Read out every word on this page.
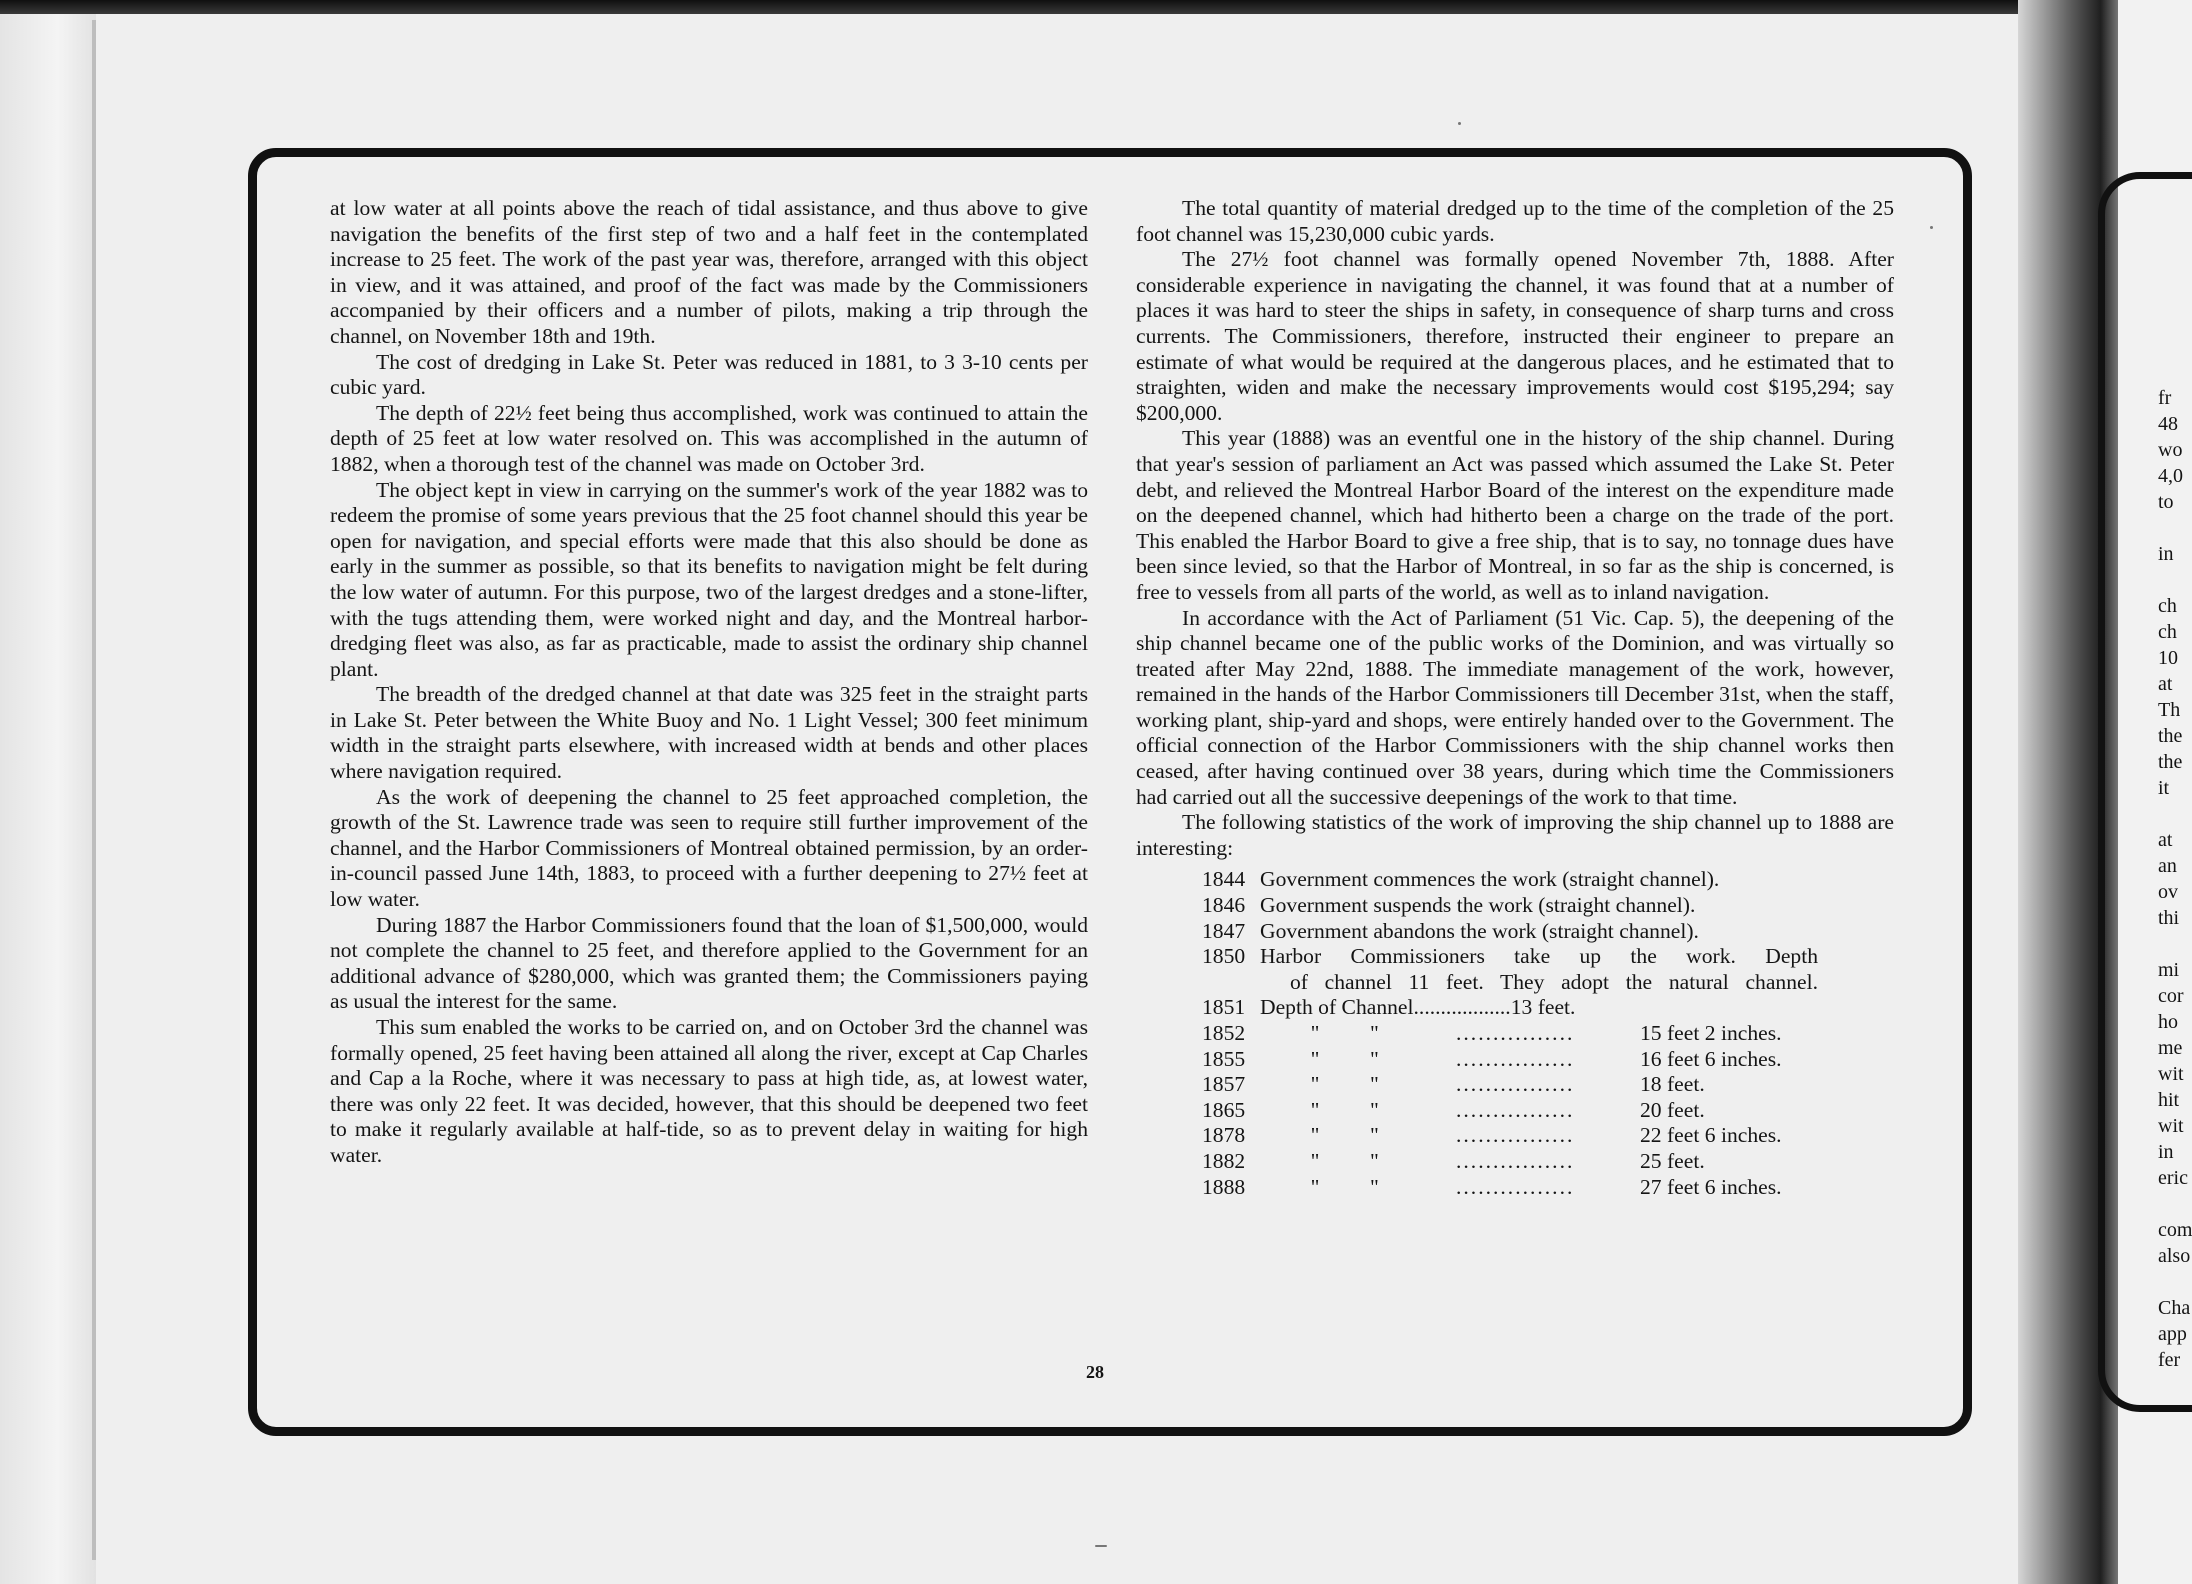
fr
48
wo
4,0
to
in
ch
ch
10
at
Th
the
the
it
at
an
ov
thi
mi
cor
ho
me
wit
hit
wit
in
eric
com
also
Cha
app
fer

at low water at all points above the reach of tidal assistance, and thus above to give navigation the benefits of the first step of two and a half feet in the contemplated increase to 25 feet. The work of the past year was, therefore, arranged with this object in view, and it was attained, and proof of the fact was made by the Commissioners accompanied by their officers and a number of pilots, making a trip through the channel, on November 18th and 19th.

The cost of dredging in Lake St. Peter was reduced in 1881, to 3 3-10 cents per cubic yard.

The depth of 22½ feet being thus accomplished, work was continued to attain the depth of 25 feet at low water resolved on. This was accomplished in the autumn of 1882, when a thorough test of the channel was made on October 3rd.

The object kept in view in carrying on the summer's work of the year 1882 was to redeem the promise of some years previous that the 25 foot channel should this year be open for navigation, and special efforts were made that this also should be done as early in the summer as possible, so that its benefits to navigation might be felt during the low water of autumn. For this purpose, two of the largest dredges and a stone-lifter, with the tugs attending them, were worked night and day, and the Montreal harbor-dredging fleet was also, as far as practicable, made to assist the ordinary ship channel plant.

The breadth of the dredged channel at that date was 325 feet in the straight parts in Lake St. Peter between the White Buoy and No. 1 Light Vessel; 300 feet minimum width in the straight parts elsewhere, with increased width at bends and other places where navigation required.

As the work of deepening the channel to 25 feet approached completion, the growth of the St. Lawrence trade was seen to require still further improvement of the channel, and the Harbor Commissioners of Montreal obtained permission, by an order-in-council passed June 14th, 1883, to proceed with a further deepening to 27½ feet at low water.

During 1887 the Harbor Commissioners found that the loan of $1,500,000, would not complete the channel to 25 feet, and therefore applied to the Government for an additional advance of $280,000, which was granted them; the Commissioners paying as usual the interest for the same.

This sum enabled the works to be carried on, and on October 3rd the channel was formally opened, 25 feet having been attained all along the river, except at Cap Charles and Cap a la Roche, where it was necessary to pass at high tide, as, at lowest water, there was only 22 feet. It was decided, however, that this should be deepened two feet to make it regularly available at half-tide, so as to prevent delay in waiting for high water.

The total quantity of material dredged up to the time of the completion of the 25 foot channel was 15,230,000 cubic yards.

The 27½ foot channel was formally opened November 7th, 1888. After considerable experience in navigating the channel, it was found that at a number of places it was hard to steer the ships in safety, in consequence of sharp turns and cross currents. The Commissioners, therefore, instructed their engineer to prepare an estimate of what would be required at the dangerous places, and he estimated that to straighten, widen and make the necessary improvements would cost $195,294; say $200,000.

This year (1888) was an eventful one in the history of the ship channel. During that year's session of parliament an Act was passed which assumed the Lake St. Peter debt, and relieved the Montreal Harbor Board of the interest on the expenditure made on the deepened channel, which had hitherto been a charge on the trade of the port. This enabled the Harbor Board to give a free ship, that is to say, no tonnage dues have been since levied, so that the Harbor of Montreal, in so far as the ship is concerned, is free to vessels from all parts of the world, as well as to inland navigation.

In accordance with the Act of Parliament (51 Vic. Cap. 5), the deepening of the ship channel became one of the public works of the Dominion, and was virtually so treated after May 22nd, 1888. The immediate management of the work, however, remained in the hands of the Harbor Commissioners till December 31st, when the staff, working plant, ship-yard and shops, were entirely handed over to the Government. The official connection of the Harbor Commissioners with the ship channel works then ceased, after having continued over 38 years, during which time the Commissioners had carried out all the successive deepenings of the work to that time.

The following statistics of the work of improving the ship channel up to 1888 are interesting:

1844 Government commences the work (straight channel).
1846 Government suspends the work (straight channel).
1847 Government abandons the work (straight channel).
1850 Harbor Commissioners take up the work. Depth
of channel 11 feet. They adopt the natural channel.
1851 Depth of Channel .................. 13 feet.
1852	"	"	................	15 feet 2 inches.
1855	"	"	................	16 feet 6 inches.
1857	"	"	................	18 feet.
1865	"	"	................	20 feet.
1878	"	"	................	22 feet 6 inches.
1882	"	"	................	25 feet.
1888	"	"	................	27 feet 6 inches.
28
